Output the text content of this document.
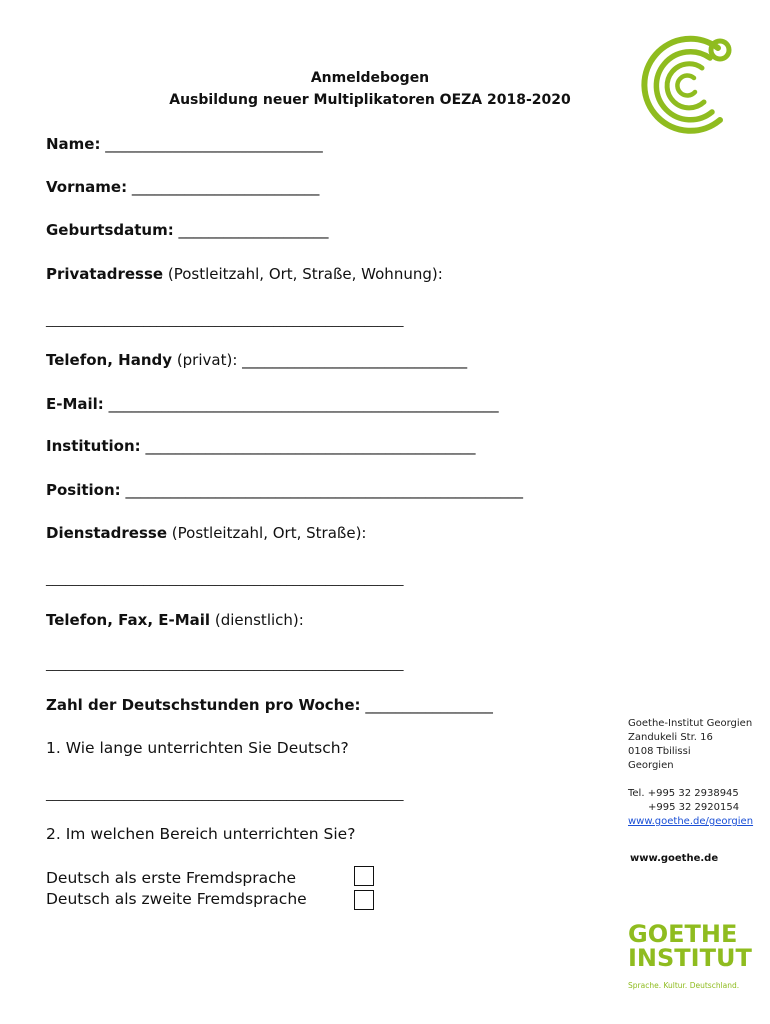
Anmeldebogen
Ausbildung neuer Multiplikatoren OEZA 2018-2020
Name: _____________________________
Vorname: _________________________
Geburtsdatum: ____________________
Privatadresse (Postleitzahl, Ort, Straße, Wohnung):
_______________________________________________________
Telefon, Handy (privat): ______________________________
E-Mail: ____________________________________________________
Institution: ____________________________________________
Position: _____________________________________________________
Dienstadresse (Postleitzahl, Ort, Straße):
_______________________________________________________
Telefon, Fax, E-Mail (dienstlich):
_______________________________________________________
Zahl der Deutschstunden pro Woche: _________________
1. Wie lange unterrichten Sie Deutsch?
_______________________________________________________
2. Im welchen Bereich unterrichten Sie?
Deutsch als erste Fremdsprache
Deutsch als zweite Fremdsprache
Goethe-Institut Georgien
Zandukeli Str. 16
0108 Tbilissi
Georgien
Tel. +995 32 2938945
+995 32 2920154
www.goethe.de/georgien
www.goethe.de
GOETHE
INSTITUT
Sprache. Kultur. Deutschland.
